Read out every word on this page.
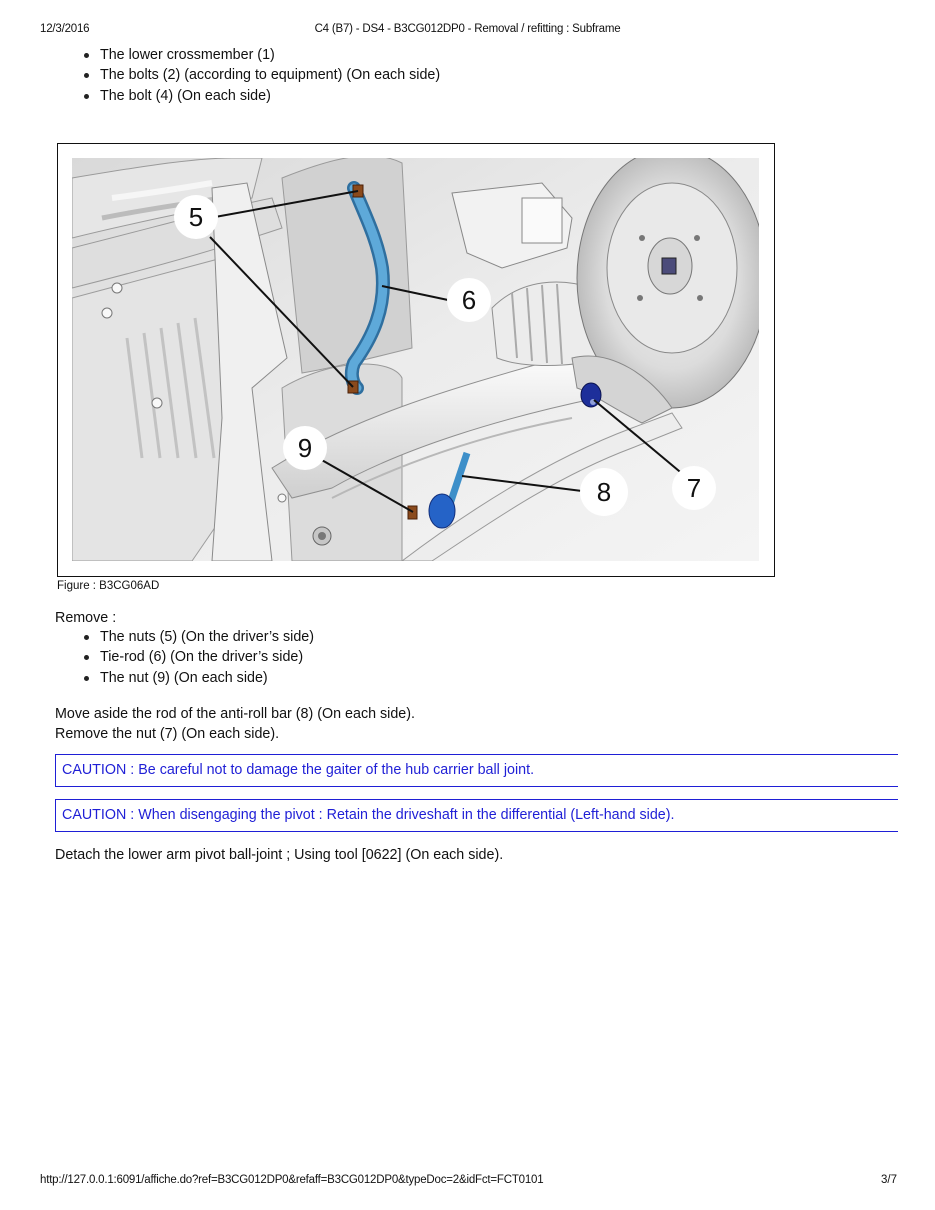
12/3/2016	C4 (B7) - DS4 - B3CG012DP0 - Removal / refitting : Subframe
The lower crossmember (1)
The bolts (2) (according to equipment) (On each side)
The bolt (4) (On each side)
5
6
7
8
9
Figure : B3CG06AD
Remove :
The nuts (5) (On the driver’s side)
Tie-rod (6) (On the driver’s side)
The nut (9) (On each side)
Move aside the rod of the anti-roll bar (8) (On each side).
Remove the nut (7) (On each side).
CAUTION : Be careful not to damage the gaiter of the hub carrier ball joint.
CAUTION : When disengaging the pivot : Retain the driveshaft in the differential (Left-hand side).
Detach the lower arm pivot ball-joint ; Using tool [0622] (On each side).
http://127.0.0.1:6091/affiche.do?ref=B3CG012DP0&refaff=B3CG012DP0&typeDoc=2&idFct=FCT0101	3/7
